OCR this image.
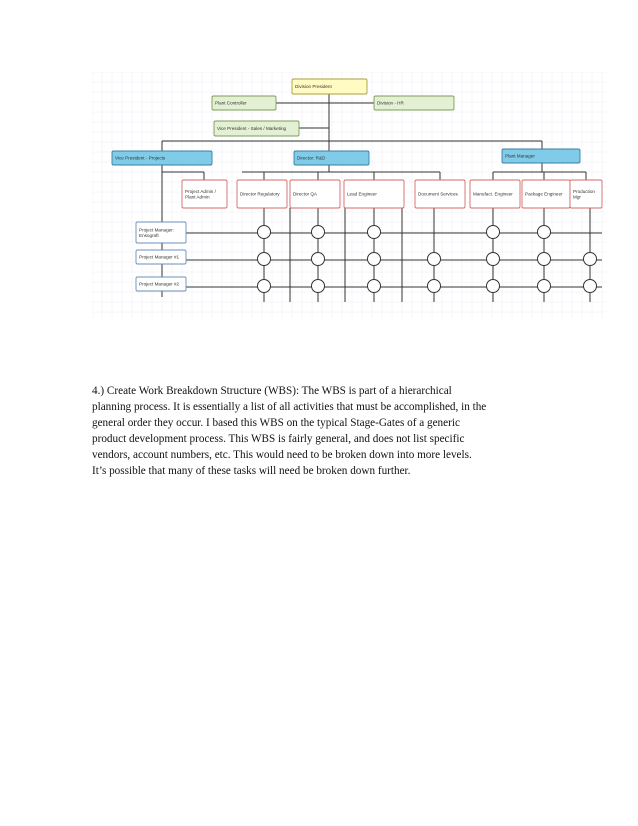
Division President
Plant Controller	Division - HR
Vice President - Sales / Marketing
Vice President - Projects	Director: R&D	Plant Manager
Project Admin /
Plant Admin
Director Regulatory	Director QA	Lead Engineer	Document Services	Manufact. Engineer	Package Engineer
Production
Mgr
Project Manager:
Ensograft
Project Manager #1
Project Manager #2
4.) Create Work Breakdown Structure (WBS): The WBS is part of a hierarchical
planning process. It is essentially a list of all activities that must be accomplished, in the
general order they occur. I based this WBS on the typical Stage-Gates of a generic
product development process. This WBS is fairly general, and does not list specific
vendors, account numbers, etc. This would need to be broken down into more levels.
It’s possible that many of these tasks will need be broken down further.
